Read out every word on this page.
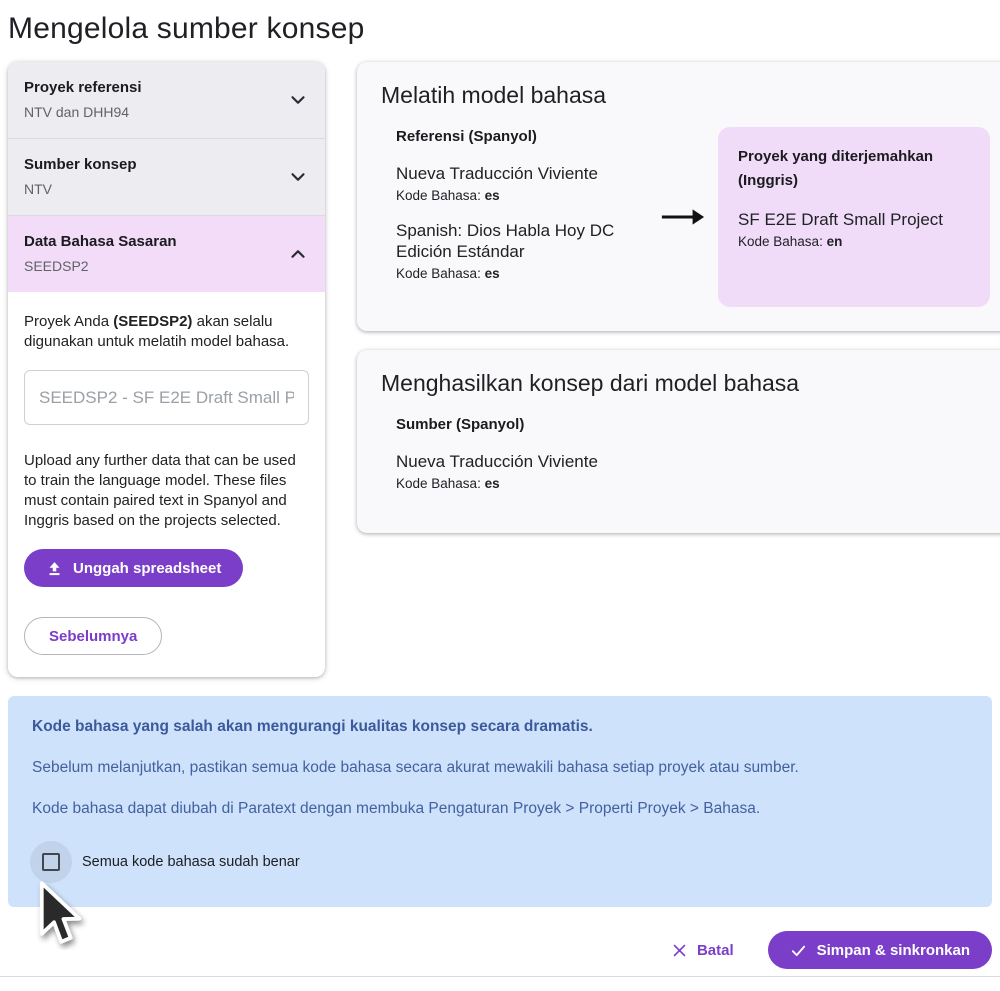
Mengelola sumber konsep
Proyek referensi
NTV dan DHH94
Sumber konsep
NTV
Data Bahasa Sasaran
SEEDSP2

Proyek Anda (SEEDSP2) akan selalu digunakan untuk melatih model bahasa.

SEEDSP2 - SF E2E Draft Small Project

Upload any further data that can be used to train the language model. These files must contain paired text in Spanyol and Inggris based on the projects selected.

Unggah spreadsheet

Sebelumnya
Melatih model bahasa
Referensi (Spanyol)
Nueva Traducción Viviente
Kode Bahasa: es
Spanish: Dios Habla Hoy DC Edición Estándar
Kode Bahasa: es
Proyek yang diterjemahkan (Inggris)
SF E2E Draft Small Project
Kode Bahasa: en
Menghasilkan konsep dari model bahasa
Sumber (Spanyol)
Nueva Traducción Viviente
Kode Bahasa: es
Kode bahasa yang salah akan mengurangi kualitas konsep secara dramatis.
Sebelum melanjutkan, pastikan semua kode bahasa secara akurat mewakili bahasa setiap proyek atau sumber.
Kode bahasa dapat diubah di Paratext dengan membuka Pengaturan Proyek > Properti Proyek > Bahasa.
Semua kode bahasa sudah benar
Batal	Simpan & sinkronkan
